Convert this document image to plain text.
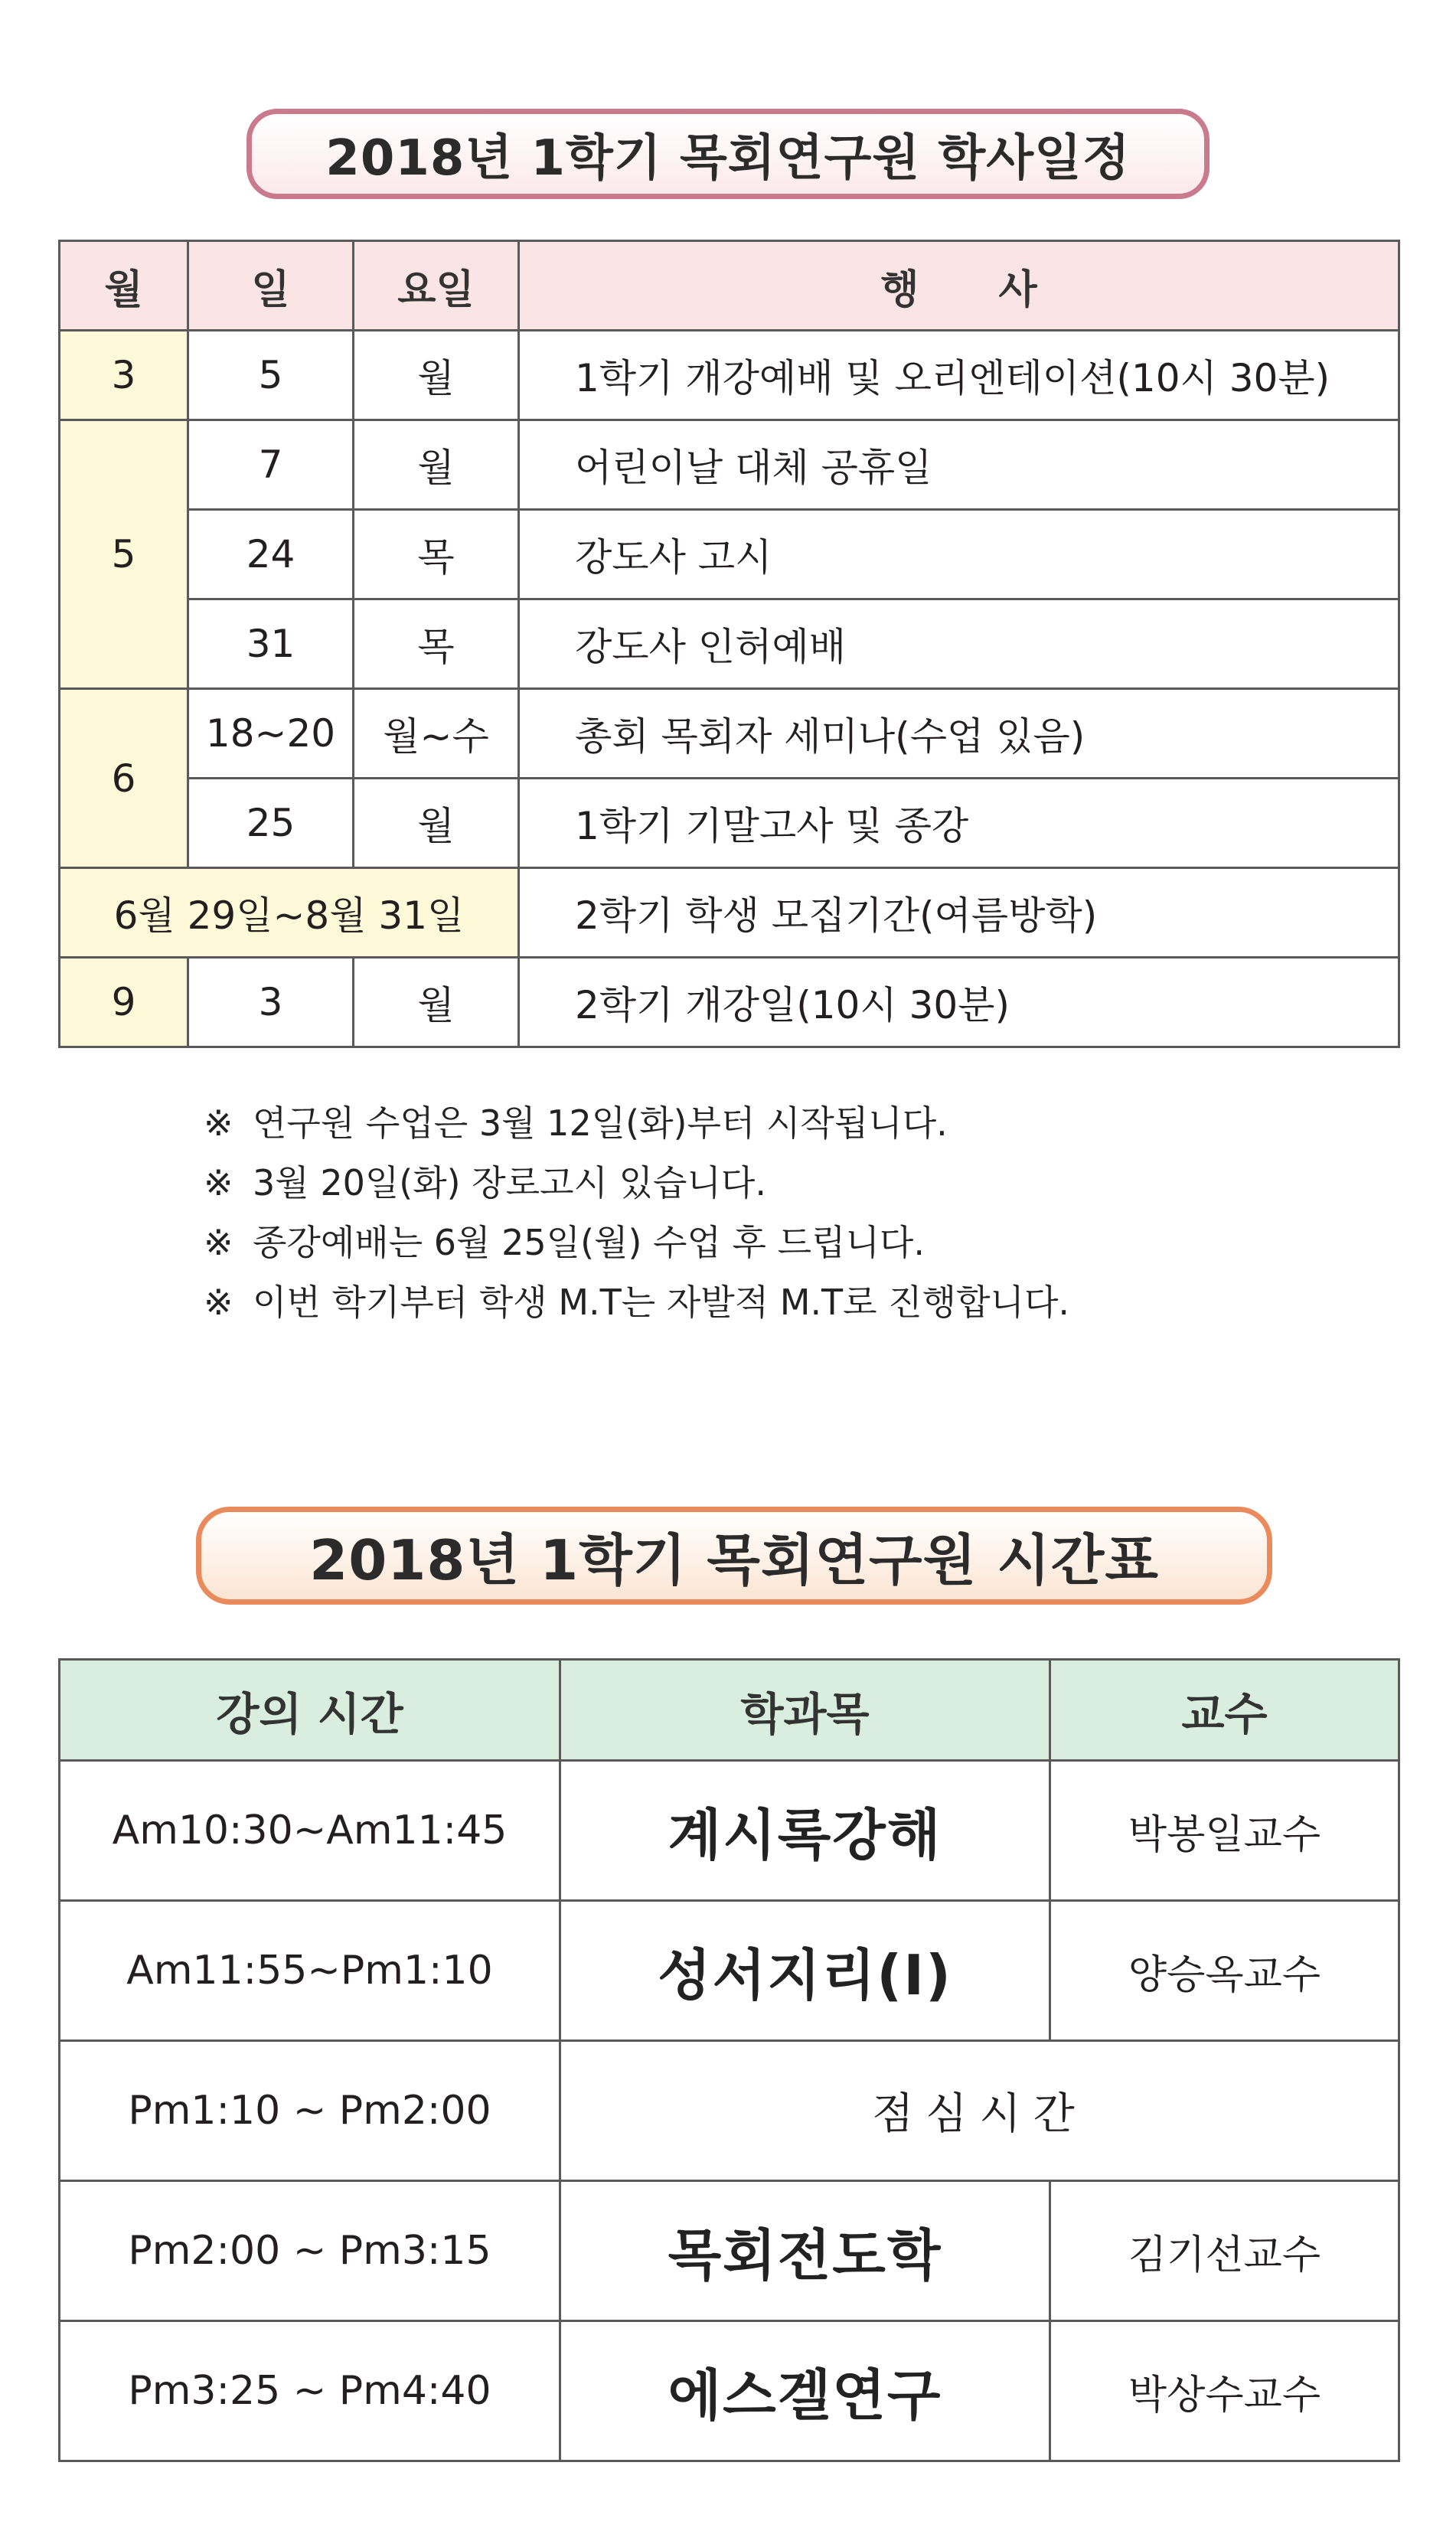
2018년 1학기 목회연구원 학사일정
월	일	요일	행　　사
3	5	월	1학기 개강예배 및 오리엔테이션(10시 30분)
5	7	월	어린이날 대체 공휴일
	24	목	강도사 고시
	31	목	강도사 인허예배
6	18~20	월~수	총회 목회자 세미나(수업 있음)
	25	월	1학기 기말고사 및 종강
6월 29일~8월 31일			2학기 학생 모집기간(여름방학)
9	3	월	2학기 개강일(10시 30분)
※ 연구원 수업은 3월 12일(화)부터 시작됩니다.
※ 3월 20일(화) 장로고시 있습니다.
※ 종강예배는 6월 25일(월) 수업 후 드립니다.
※ 이번 학기부터 학생 M.T는 자발적 M.T로 진행합니다.
2018년 1학기 목회연구원 시간표
강의 시간	학과목	교수
Am10:30~Am11:45	계시록강해	박봉일교수
Am11:55~Pm1:10	성서지리(Ⅰ)	양승옥교수
Pm1:10 ~ Pm2:00	점심시간	
Pm2:00 ~ Pm3:15	목회전도학	김기선교수
Pm3:25 ~ Pm4:40	에스겔연구	박상수교수
